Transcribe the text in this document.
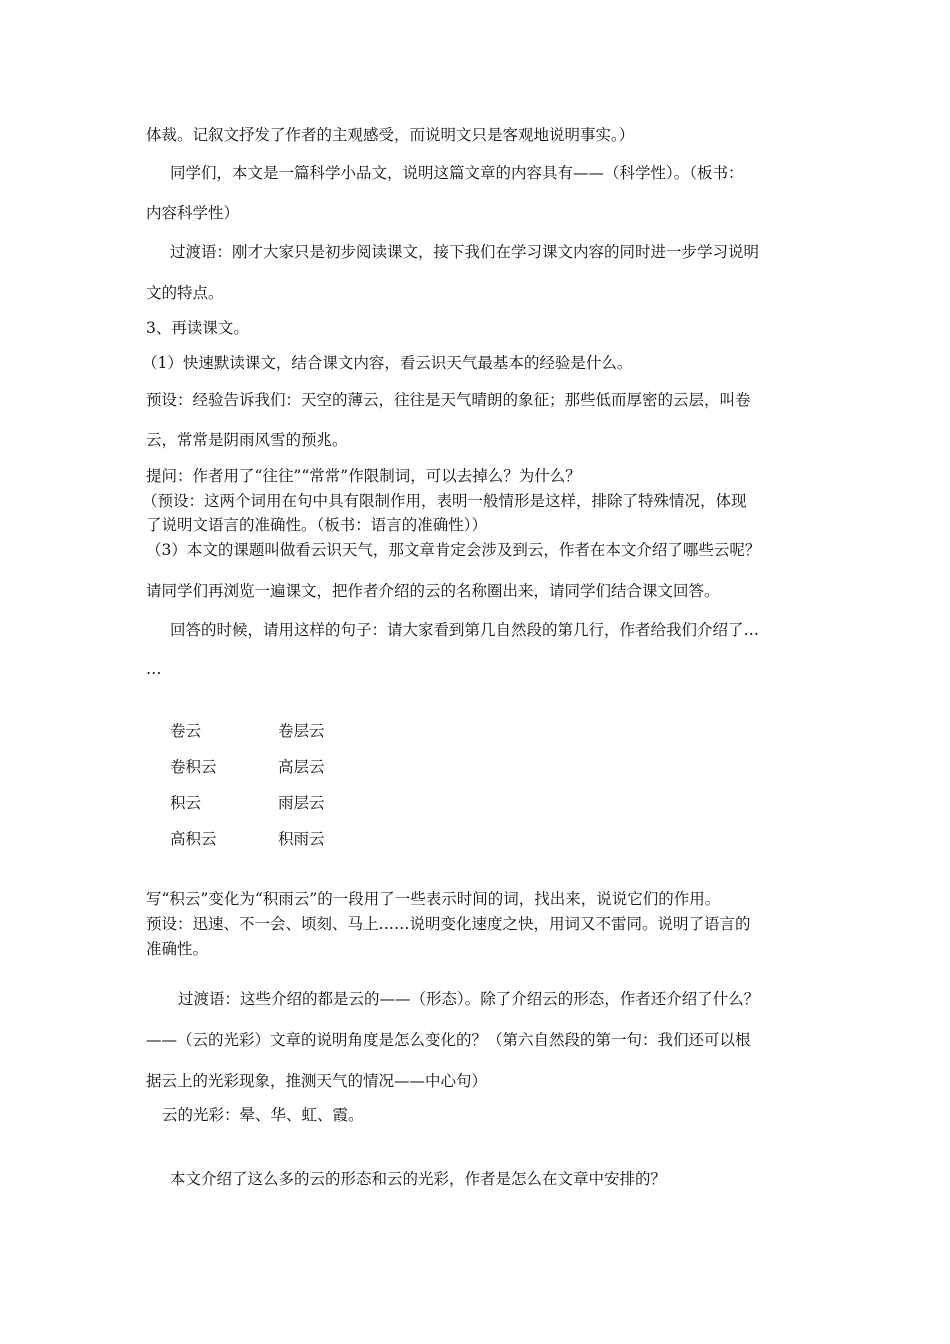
体裁。记叙文抒发了作者的主观感受，而说明文只是客观地说明事实。）
同学们，本文是一篇科学小品文，说明这篇文章的内容具有——（科学性）。（板书：
内容科学性）
过渡语：刚才大家只是初步阅读课文，接下我们在学习课文内容的同时进一步学习说明
文的特点。
3、再读课文。
（1）快速默读课文，结合课文内容，看云识天气最基本的经验是什么。
预设：经验告诉我们：天空的薄云，往往是天气晴朗的象征；那些低而厚密的云层，叫卷
云，常常是阴雨风雪的预兆。
提问：作者用了“往往”“常常”作限制词，可以去掉么？为什么？
（预设：这两个词用在句中具有限制作用，表明一般情形是这样，排除了特殊情况，体现
了说明文语言的准确性。（板书：语言的准确性））
（3）本文的课题叫做看云识天气，那文章肯定会涉及到云，作者在本文介绍了哪些云呢？
请同学们再浏览一遍课文，把作者介绍的云的名称圈出来，请同学们结合课文回答。
回答的时候，请用这样的句子：请大家看到第几自然段的第几行，作者给我们介绍了…
…
卷云	卷层云
卷积云	高层云
积云	雨层云
高积云	积雨云
写“积云”变化为“积雨云”的一段用了一些表示时间的词，找出来，说说它们的作用。
预设：迅速、不一会、顷刻、马上……说明变化速度之快，用词又不雷同。说明了语言的
准确性。
过渡语：这些介绍的都是云的——（形态）。除了介绍云的形态，作者还介绍了什么？
——（云的光彩）文章的说明角度是怎么变化的？（第六自然段的第一句：我们还可以根
据云上的光彩现象，推测天气的情况——中心句）
云的光彩：晕、华、虹、霞。
本文介绍了这么多的云的形态和云的光彩，作者是怎么在文章中安排的？
